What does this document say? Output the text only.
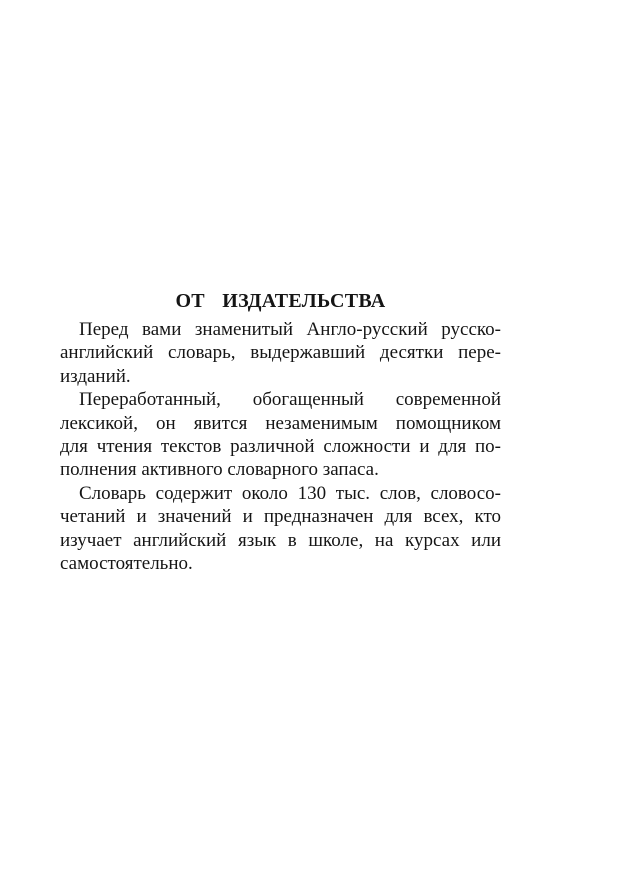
ОТ ИЗДАТЕЛЬСТВА
Перед вами знаменитый Англо-русский русско-
английский словарь, выдержавший десятки пере-
изданий.
Переработанный, обогащенный современной
лексикой, он явится незаменимым помощником
для чтения текстов различной сложности и для по-
полнения активного словарного запаса.
Словарь содержит около 130 тыс. слов, словосо-
четаний и значений и предназначен для всех, кто
изучает английский язык в школе, на курсах или
самостоятельно.
